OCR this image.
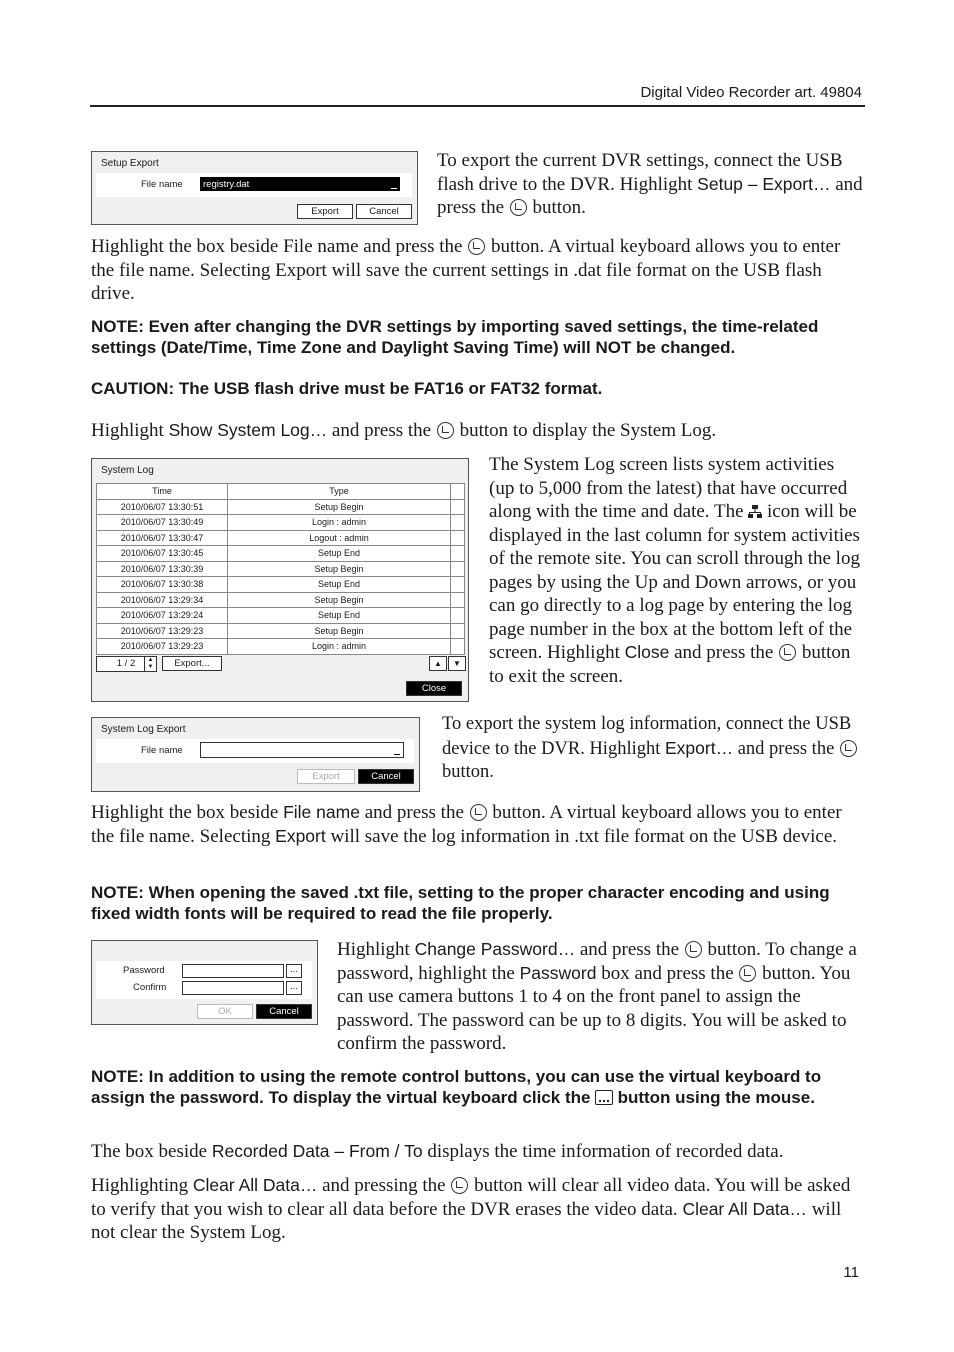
Digital Video Recorder art. 49804
Setup Export
File name registry.dat
Export	Cancel
To export the current DVR settings, connect the USB flash drive to the DVR. Highlight Setup – Export… and press the  button.
Highlight the box beside File name and press the  button. A virtual keyboard allows you to enter the file name. Selecting Export will save the current settings in .dat file format on the USB flash drive.
NOTE: Even after changing the DVR settings by importing saved settings, the time-related settings (Date/Time, Time Zone and Daylight Saving Time) will NOT be changed.
CAUTION: The USB flash drive must be FAT16 or FAT32 format.
Highlight Show System Log… and press the  button to display the System Log.
System Log
Time	Type	
2010/06/07 13:30:51	Setup Begin	
2010/06/07 13:30:49	Login : admin	
2010/06/07 13:30:47	Logout : admin	
2010/06/07 13:30:45	Setup End	
2010/06/07 13:30:39	Setup Begin	
2010/06/07 13:30:38	Setup End	
2010/06/07 13:29:34	Setup Begin	
2010/06/07 13:29:24	Setup End	
2010/06/07 13:29:23	Setup Begin	
2010/06/07 13:29:23	Login : admin	
1 / 2	▲
▼	Export...	▲	▼
Close
The System Log screen lists system activities (up to 5,000 from the latest) that have occurred along with the time and date. The  icon will be displayed in the last column for system activities of the remote site. You can scroll through the log pages by using the Up and Down arrows, or you can go directly to a log page by entering the log page number in the box at the bottom left of the screen. Highlight Close and press the  button to exit the screen.
System Log Export
File name
Export	Cancel
To export the system log information, connect the USB device to the DVR. Highlight Export… and press the  button.
Highlight the box beside File name and press the  button. A virtual keyboard allows you to enter the file name. Selecting Export will save the log information in .txt file format on the USB device.
NOTE: When opening the saved .txt file, setting to the proper character encoding and using fixed width fonts will be required to read the file properly.
Password	...
Confirm	...
OK	Cancel
Highlight Change Password… and press the  button. To change a password, highlight the Password box and press the  button. You can use camera buttons 1 to 4 on the front panel to assign the password. The password can be up to 8 digits. You will be asked to confirm the password.
NOTE: In addition to using the remote control buttons, you can use the virtual keyboard to assign the password. To display the virtual keyboard click the ... button using the mouse.
The box beside Recorded Data – From / To displays the time information of recorded data.
Highlighting Clear All Data… and pressing the  button will clear all video data. You will be asked to verify that you wish to clear all data before the DVR erases the video data. Clear All Data… will not clear the System Log.
11
